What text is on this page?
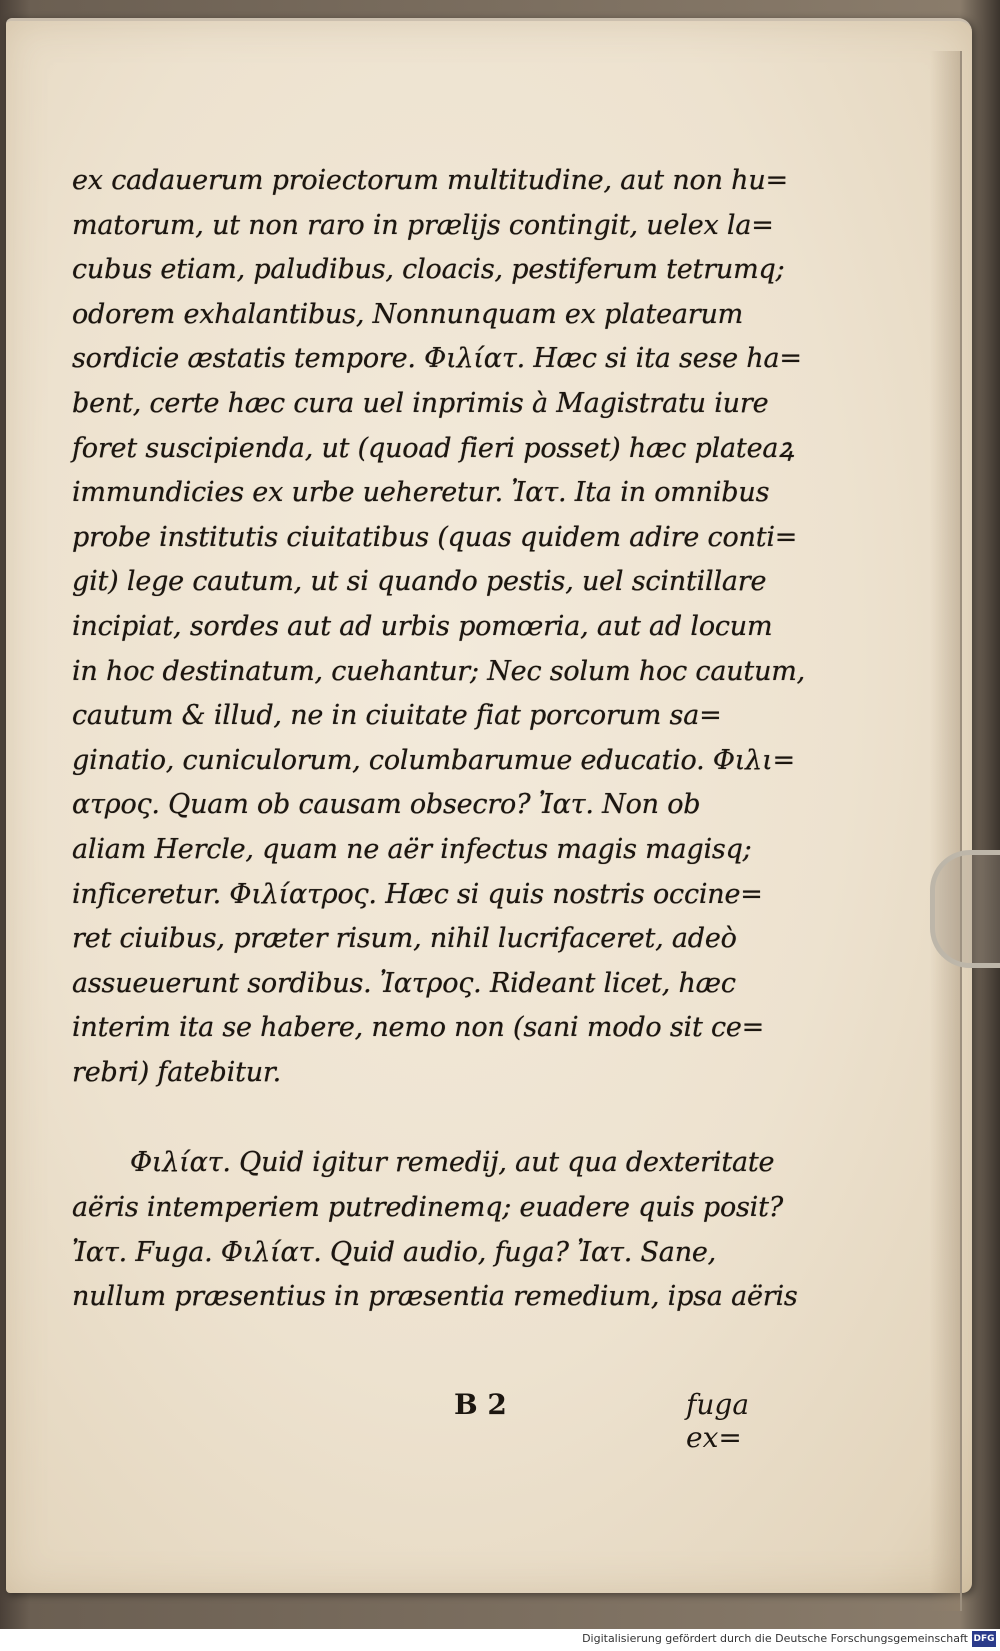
ex cadauerum proiectorum multitudine, aut non hu=
matorum, ut non raro in prælijs contingit, uelex la=
cubus etiam, paludibus, cloacis, pestiferum tetrumq;
odorem exhalantibus, Nonnunquam ex platearum
sordicie æstatis tempore. Φιλίατ. Hæc si ita sese ha=
bent, certe hæc cura uel inprimis à Magistratu iure
foret suscipienda, ut (quoad fieri posset) hæc plateaꝝ
immundicies ex urbe ueheretur. Ἰατ. Ita in omnibus
probe institutis ciuitatibus (quas quidem adire conti=
git) lege cautum, ut si quando pestis, uel scintillare
incipiat, sordes aut ad urbis pomœria, aut ad locum
in hoc destinatum, cuehantur; Nec solum hoc cautum,
cautum & illud, ne in ciuitate fiat porcorum sa=
ginatio, cuniculorum, columbarumue educatio. Φιλι=
ατρος. Quam ob causam obsecro? Ἰατ. Non ob
aliam Hercle, quam ne aër infectus magis magisq;
inficeretur. Φιλίατρος. Hæc si quis nostris occine=
ret ciuibus, præter risum, nihil lucrifaceret, adeò
assueuerunt sordibus. Ἰατρος. Rideant licet, hæc
interim ita se habere, nemo non (sani modo sit ce=
rebri) fatebitur.
Φιλίατ. Quid igitur remedij, aut qua dexteritate
aëris intemperiem putredinemq; euadere quis posit?
Ἰατ. Fuga. Φιλίατ. Quid audio, fuga? Ἰατ. Sane,
nullum præsentius in præsentia remedium, ipsa aëris
B 2	fuga ex=
Digitalisierung gefördert durch die Deutsche Forschungsgemeinschaft DFG
